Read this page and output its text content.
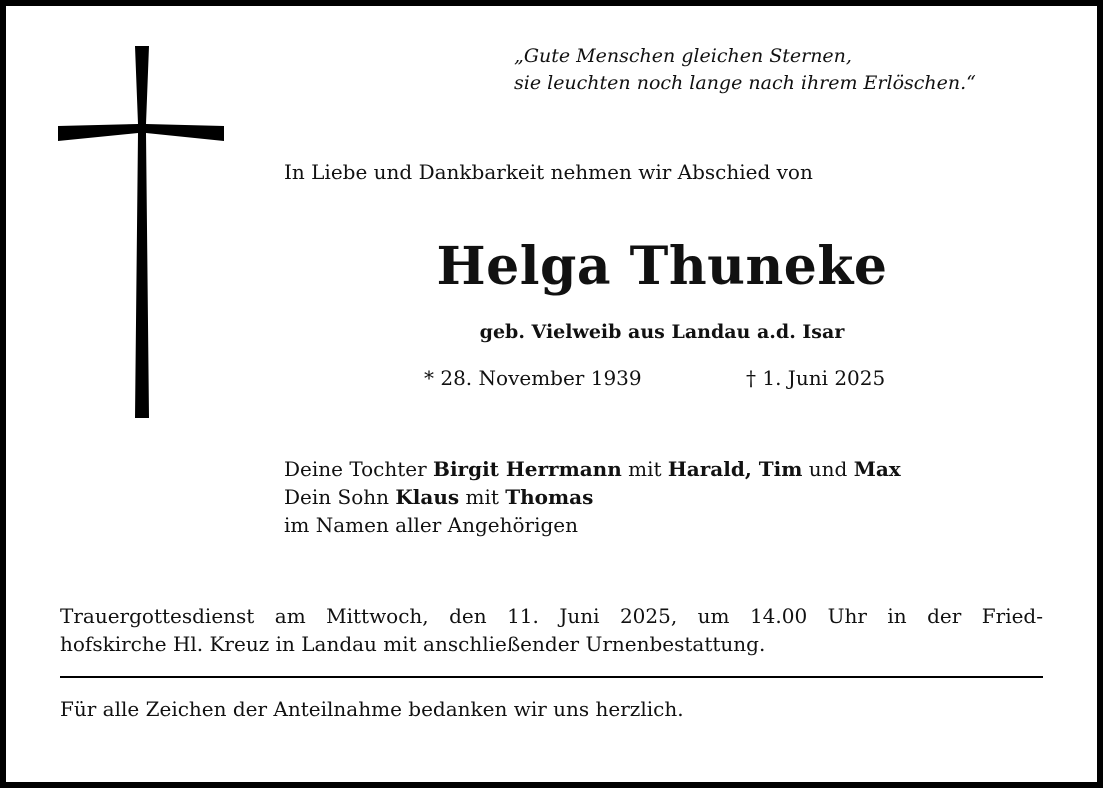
„Gute Menschen gleichen Sternen,
sie leuchten noch lange nach ihrem Erlöschen.“
In Liebe und Dankbarkeit nehmen wir Abschied von
Helga Thuneke
geb. Vielweib aus Landau a.d. Isar
* 28. November 1939	† 1. Juni 2025
Deine Tochter Birgit Herrmann mit Harald, Tim und Max
Dein Sohn Klaus mit Thomas
im Namen aller Angehörigen
Trauergottesdienst am Mittwoch, den 11. Juni 2025, um 14.00 Uhr in der Fried-
hofskirche Hl. Kreuz in Landau mit anschließender Urnenbestattung.
Für alle Zeichen der Anteilnahme bedanken wir uns herzlich.
